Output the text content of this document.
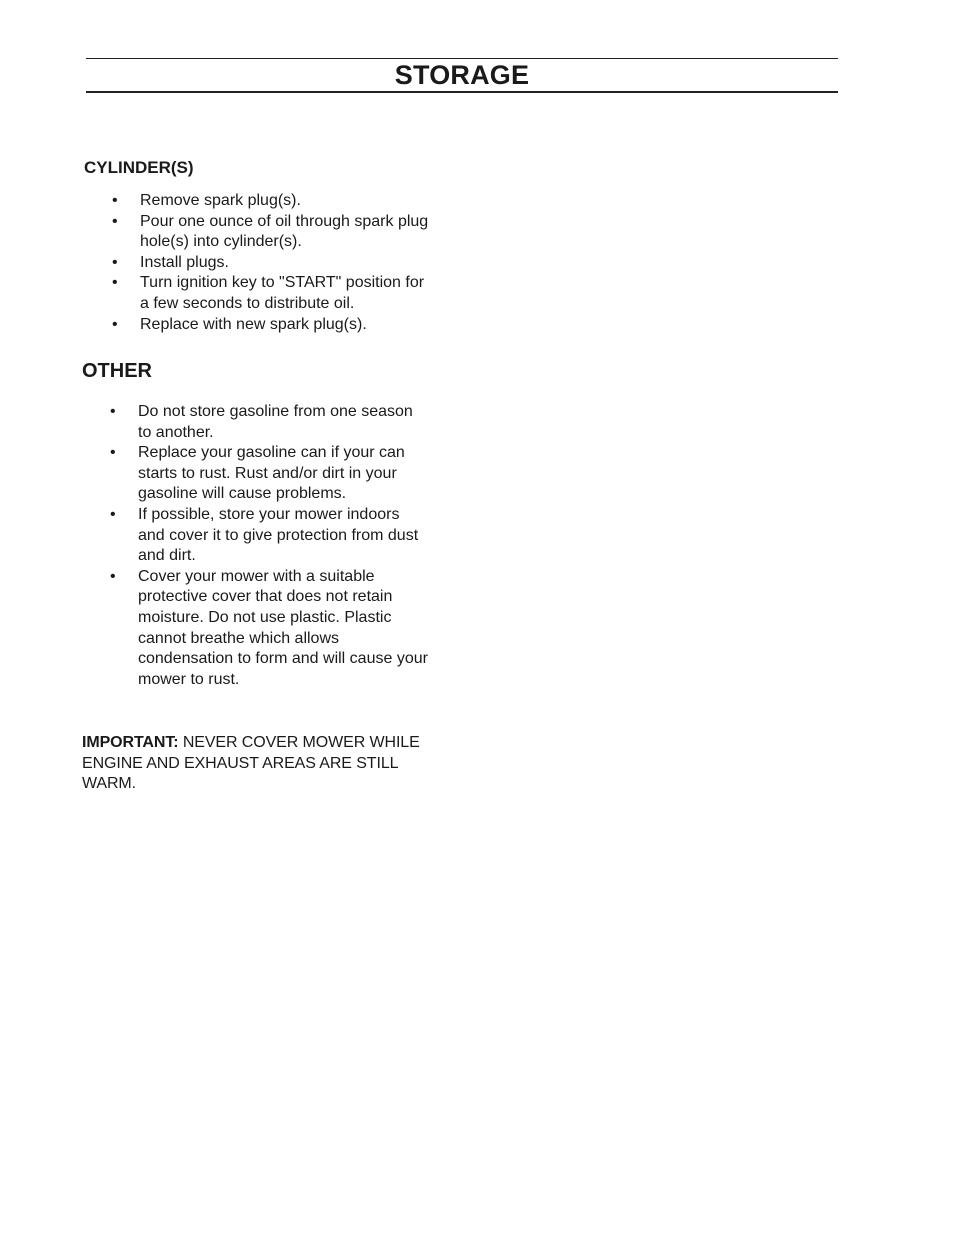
STORAGE
CYLINDER(S)
• Remove spark plug(s).
• Pour one ounce of oil through spark plug
hole(s) into cylinder(s).
• Install plugs.
• Turn ignition key to "START" position for
a few seconds to distribute oil.
• Replace with new spark plug(s).
OTHER
• Do not store gasoline from one season
to another.
• Replace your gasoline can if your can
starts to rust. Rust and/or dirt in your
gasoline will cause problems.
• If possible, store your mower indoors
and cover it to give protection from dust
and dirt.
• Cover your mower with a suitable
protective cover that does not retain
moisture. Do not use plastic. Plastic
cannot breathe which allows
condensation to form and will cause your
mower to rust.
IMPORTANT: NEVER COVER MOWER WHILE
ENGINE AND EXHAUST AREAS ARE STILL
WARM.
